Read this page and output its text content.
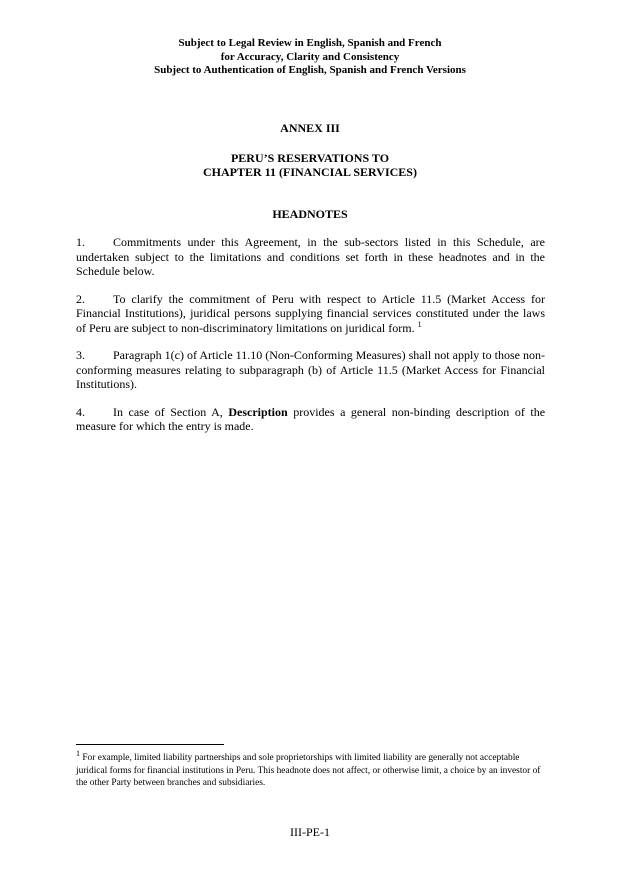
Subject to Legal Review in English, Spanish and French
for Accuracy, Clarity and Consistency
Subject to Authentication of English, Spanish and French Versions
ANNEX III
PERU’S RESERVATIONS TO
CHAPTER 11 (FINANCIAL SERVICES)
HEADNOTES

1. Commitments under this Agreement, in the sub-sectors listed in this Schedule, are undertaken subject to the limitations and conditions set forth in these headnotes and in the Schedule below.

2. To clarify the commitment of Peru with respect to Article 11.5 (Market Access for Financial Institutions), juridical persons supplying financial services constituted under the laws of Peru are subject to non-discriminatory limitations on juridical form. $^1$

3. Paragraph 1(c) of Article 11.10 (Non-Conforming Measures) shall not apply to those non-conforming measures relating to subparagraph (b) of Article 11.5 (Market Access for Financial Institutions).

4. In case of Section A, Description provides a general non-binding description of the measure for which the entry is made.

$^1$ For example, limited liability partnerships and sole proprietorships with limited liability are generally not acceptable juridical forms for financial institutions in Peru. This headnote does not affect, or otherwise limit, a choice by an investor of the other Party between branches and subsidiaries.
III-PE-1
